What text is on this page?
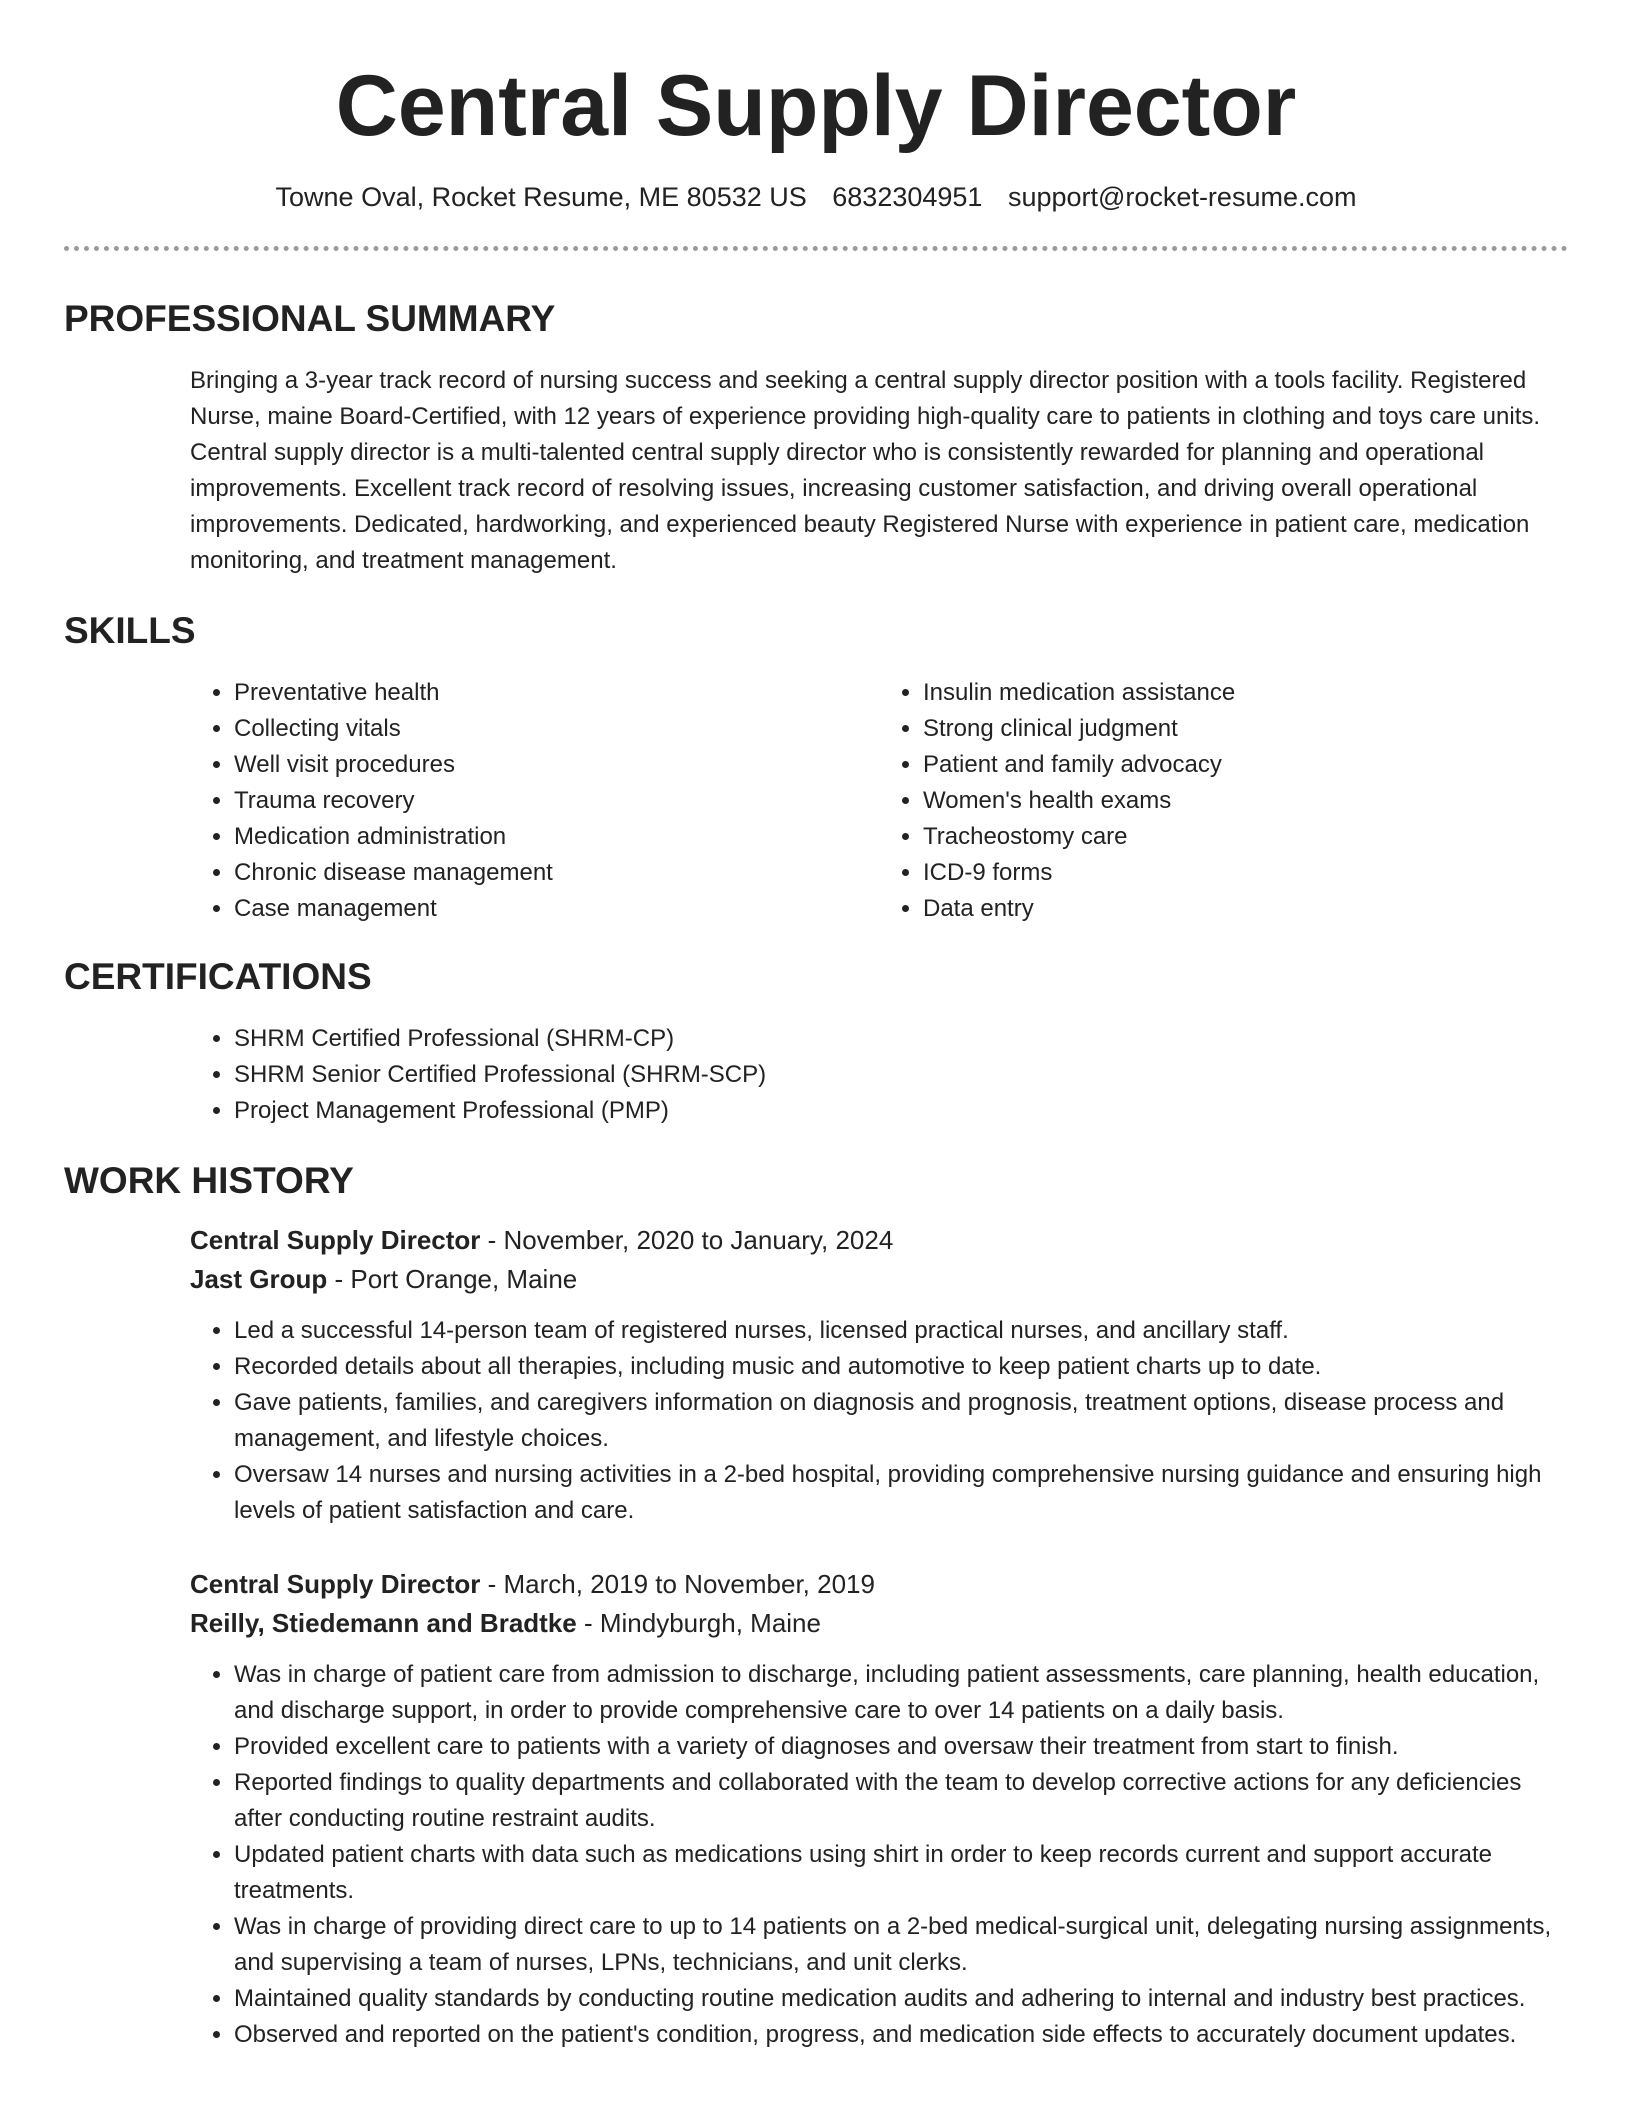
Central Supply Director
Towne Oval, Rocket Resume, ME 80532 US 6832304951 support@rocket-resume.com
PROFESSIONAL SUMMARY

Bringing a 3-year track record of nursing success and seeking a central supply director position with a tools facility. Registered Nurse, maine Board-Certified, with 12 years of experience providing high-quality care to patients in clothing and toys care units. Central supply director is a multi-talented central supply director who is consistently rewarded for planning and operational improvements. Excellent track record of resolving issues, increasing customer satisfaction, and driving overall operational improvements. Dedicated, hardworking, and experienced beauty Registered Nurse with experience in patient care, medication monitoring, and treatment management.

SKILLS
• Preventative health
• Collecting vitals
• Well visit procedures
• Trauma recovery
• Medication administration
• Chronic disease management
• Case management
• Insulin medication assistance
• Strong clinical judgment
• Patient and family advocacy
• Women's health exams
• Tracheostomy care
• ICD-9 forms
• Data entry
CERTIFICATIONS
• SHRM Certified Professional (SHRM-CP)
• SHRM Senior Certified Professional (SHRM-SCP)
• Project Management Professional (PMP)
WORK HISTORY
Central Supply Director - November, 2020 to January, 2024
Jast Group - Port Orange, Maine
• Led a successful 14-person team of registered nurses, licensed practical nurses, and ancillary staff.
• Recorded details about all therapies, including music and automotive to keep patient charts up to date.
• Gave patients, families, and caregivers information on diagnosis and prognosis, treatment options, disease process and management, and lifestyle choices.
• Oversaw 14 nurses and nursing activities in a 2-bed hospital, providing comprehensive nursing guidance and ensuring high levels of patient satisfaction and care.
Central Supply Director - March, 2019 to November, 2019
Reilly, Stiedemann and Bradtke - Mindyburgh, Maine
• Was in charge of patient care from admission to discharge, including patient assessments, care planning, health education, and discharge support, in order to provide comprehensive care to over 14 patients on a daily basis.
• Provided excellent care to patients with a variety of diagnoses and oversaw their treatment from start to finish.
• Reported findings to quality departments and collaborated with the team to develop corrective actions for any deficiencies after conducting routine restraint audits.
• Updated patient charts with data such as medications using shirt in order to keep records current and support accurate treatments.
• Was in charge of providing direct care to up to 14 patients on a 2-bed medical-surgical unit, delegating nursing assignments, and supervising a team of nurses, LPNs, technicians, and unit clerks.
• Maintained quality standards by conducting routine medication audits and adhering to internal and industry best practices.
• Observed and reported on the patient's condition, progress, and medication side effects to accurately document updates.
